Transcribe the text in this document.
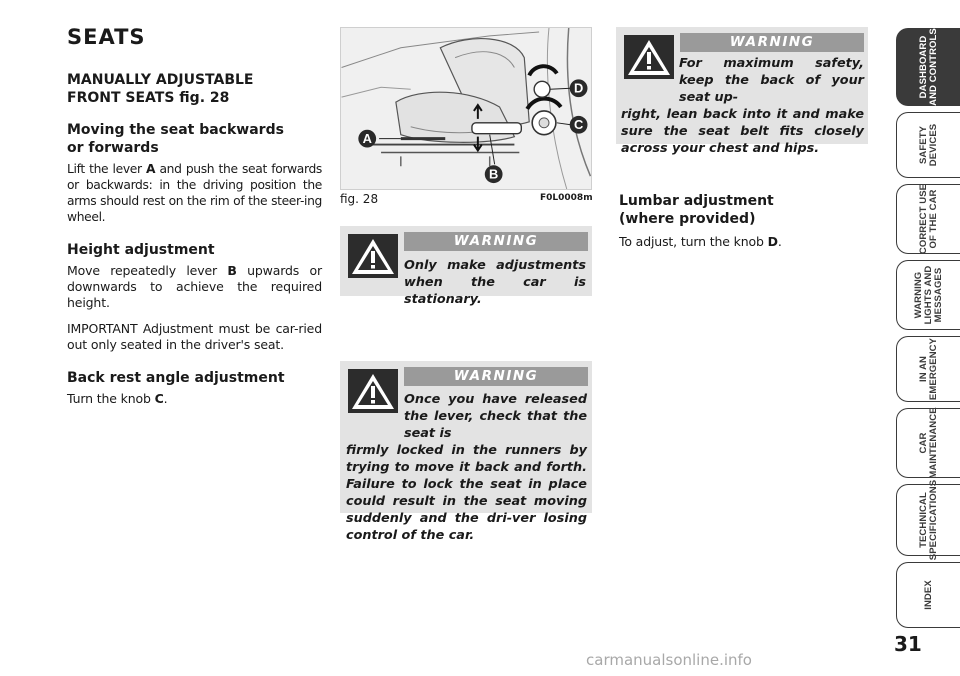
SEATS
MANUALLY ADJUSTABLE
FRONT SEATS fig. 28
Moving the seat backwards
or forwards

Lift the lever A and push the seat forwards or backwards: in the driving position the arms should rest on the rim of the steer-ing wheel.

Height adjustment

Move repeatedly lever B upwards or downwards to achieve the required height.

IMPORTANT Adjustment must be car-ried out only seated in the driver's seat.

Back rest angle adjustment

Turn the knob C.

A
B
C
D
fig. 28	F0L0008m
WARNING
Only make adjustments
when the car is stationary.
WARNING
Once you have released the lever, check that the seat is
firmly locked in the runners by trying to move it back and forth. Failure to lock the seat in place could result in the seat moving suddenly and the dri-ver losing control of the car.
WARNING
For maximum safety, keep the back of your seat up-
right, lean back into it and make sure the seat belt fits closely across your chest and hips.
Lumbar adjustment
(where provided)

To adjust, turn the knob D.

DASHBOARD
AND CONTROLS
SAFETY
DEVICES
CORRECT USE
OF THE CAR
WARNING
LIGHTS AND
MESSAGES
IN AN
EMERGENCY
CAR
MAINTENANCE
TECHNICAL
SPECIFICATIONS
INDEX
31
carmanualsonline.info
